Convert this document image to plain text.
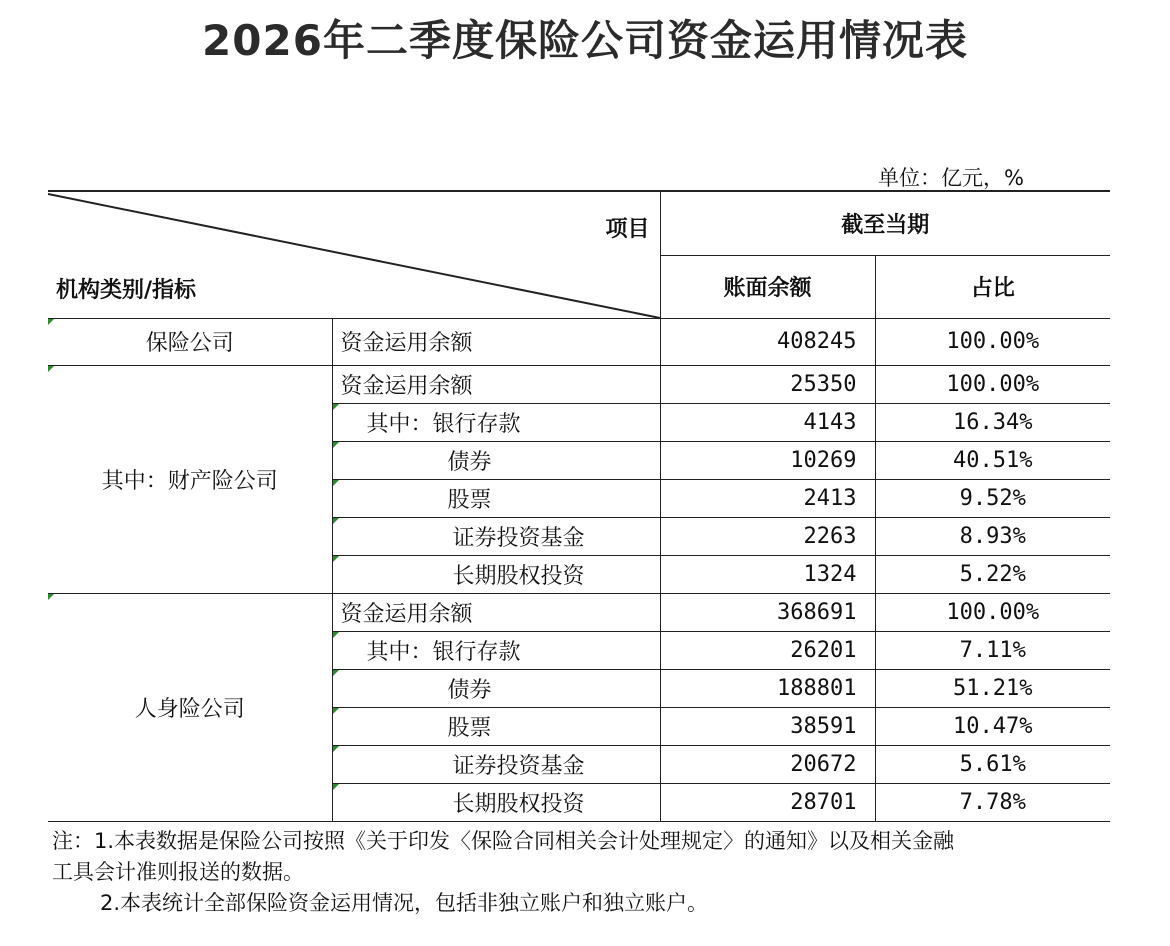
2026年二季度保险公司资金运用情况表
单位：亿元，%
项目
机构类别/指标		截至当期	
		账面余额	占比
保险公司	资金运用余额	408245	100.00%
其中：财产险公司	资金运用余额	25350	100.00%
	其中：银行存款	4143	16.34%
	债券	10269	40.51%
	股票	2413	9.52%
	证券投资基金	2263	8.93%
	长期股权投资	1324	5.22%
人身险公司	资金运用余额	368691	100.00%
	其中：银行存款	26201	7.11%
	债券	188801	51.21%
	股票	38591	10.47%
	证券投资基金	20672	5.61%
	长期股权投资	28701	7.78%
注：1.本表数据是保险公司按照《关于印发〈保险合同相关会计处理规定〉的通知》以及相关金融
工具会计准则报送的数据。
2.本表统计全部保险资金运用情况，包括非独立账户和独立账户。
